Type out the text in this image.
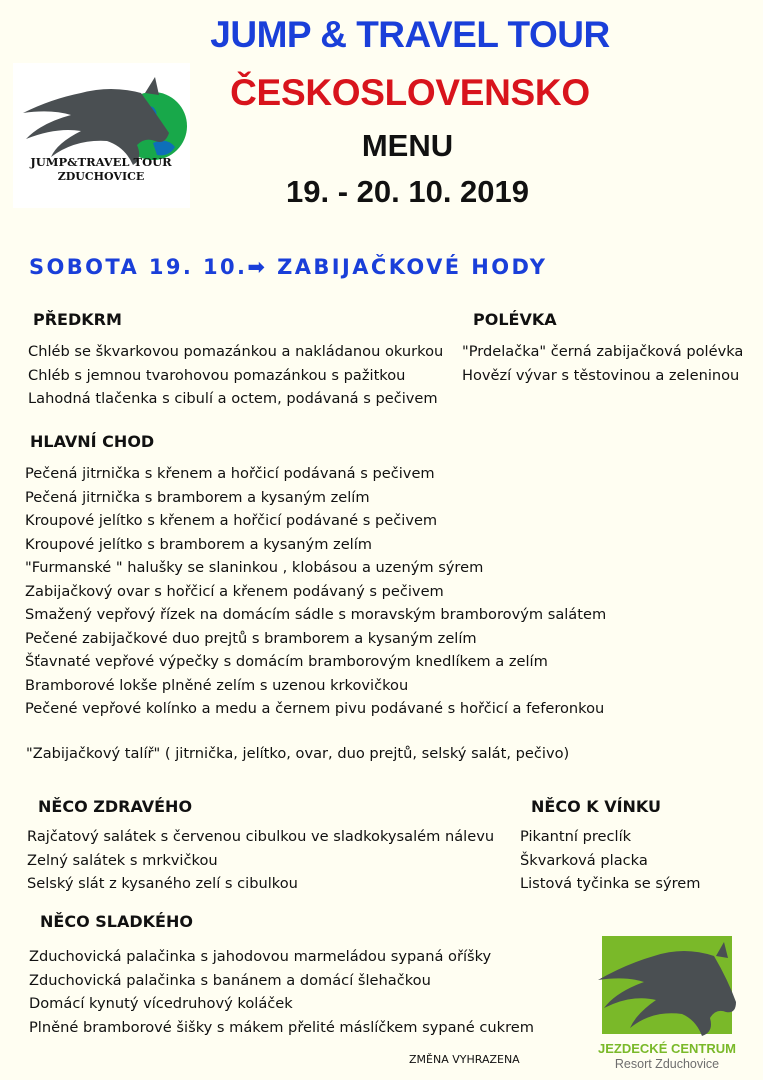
JUMP & TRAVEL TOUR
ČESKOSLOVENSKO
MENU
19. - 20. 10. 2019
JUMP&TRAVEL TOUR
ZDUCHOVICE
SOBOTA 19. 10.➡ ZABIJAČKOVÉ HODY
PŘEDKRM
Chléb se škvarkovou pomazánkou a nakládanou okurkou
Chléb s jemnou tvarohovou pomazánkou s pažitkou
Lahodná tlačenka s cibulí a octem, podávaná s pečivem
POLÉVKA
"Prdelačka" černá zabijačková polévka
Hovězí vývar s těstovinou a zeleninou
HLAVNÍ CHOD
Pečená jitrnička s křenem a hořčicí podávaná s pečivem
Pečená jitrnička s bramborem a kysaným zelím
Kroupové jelítko s křenem a hořčicí podávané s pečivem
Kroupové jelítko s bramborem a kysaným zelím
"Furmanské " halušky se slaninkou , klobásou a uzeným sýrem
Zabijačkový ovar s hořčicí a křenem podávaný s pečivem
Smažený vepřový řízek na domácím sádle s moravským bramborovým salátem
Pečené zabijačkové duo prejtů s bramborem a kysaným zelím
Šťavnaté vepřové výpečky s domácím bramborovým knedlíkem a zelím
Bramborové lokše plněné zelím s uzenou krkovičkou
Pečené vepřové kolínko a medu a černem pivu podávané s hořčicí a feferonkou
"Zabijačkový talíř" ( jitrnička, jelítko, ovar, duo prejtů, selský salát, pečivo)
NĚCO ZDRAVÉHO
Rajčatový salátek s červenou cibulkou ve sladkokysalém nálevu
Zelný salátek s mrkvičkou
Selský slát z kysaného zelí s cibulkou
NĚCO K VÍNKU
Pikantní preclík
Škvarková placka
Listová tyčinka se sýrem
NĚCO SLADKÉHO
Zduchovická palačinka s jahodovou marmeládou sypaná oříšky
Zduchovická palačinka s banánem a domácí šlehačkou
Domácí kynutý vícedruhový koláček
Plněné bramborové šišky s mákem přelité máslíčkem sypané cukrem
ZMĚNA VYHRAZENA
JEZDECKÉ CENTRUM
Resort Zduchovice
